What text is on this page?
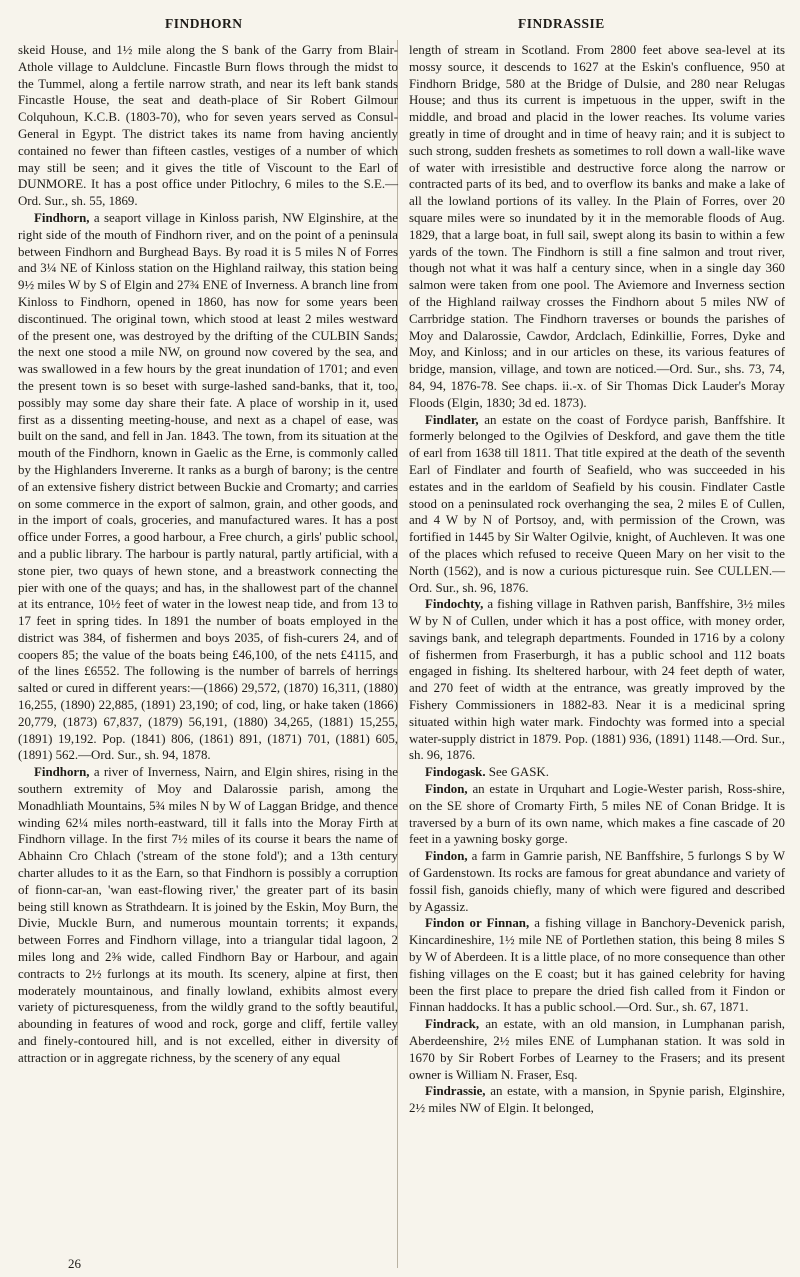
FINDHORN	FINDRASSIE

skeid House, and 1½ mile along the S bank of the Garry from Blair-Athole village to Auldclune. Fincastle Burn flows through the midst to the Tummel, along a fertile narrow strath, and near its left bank stands Fincastle House, the seat and death-place of Sir Robert Gilmour Colquhoun, K.C.B. (1803-70), who for seven years served as Consul-General in Egypt. The district takes its name from having anciently contained no fewer than fifteen castles, vestiges of a number of which may still be seen; and it gives the title of Viscount to the Earl of DUNMORE. It has a post office under Pitlochry, 6 miles to the S.E.—Ord. Sur., sh. 55, 1869.

Findhorn, a seaport village in Kinloss parish, NW Elginshire, at the right side of the mouth of Findhorn river, and on the point of a peninsula between Findhorn and Burghead Bays. By road it is 5 miles N of Forres and 3¼ NE of Kinloss station on the Highland railway, this station being 9½ miles W by S of Elgin and 27¾ ENE of Inverness. A branch line from Kinloss to Findhorn, opened in 1860, has now for some years been discontinued. The original town, which stood at least 2 miles westward of the present one, was destroyed by the drifting of the CULBIN Sands; the next one stood a mile NW, on ground now covered by the sea, and was swallowed in a few hours by the great inundation of 1701; and even the present town is so beset with surge-lashed sand-banks, that it, too, possibly may some day share their fate. A place of worship in it, used first as a dissenting meeting-house, and next as a chapel of ease, was built on the sand, and fell in Jan. 1843. The town, from its situation at the mouth of the Findhorn, known in Gaelic as the Erne, is commonly called by the Highlanders Inverernе. It ranks as a burgh of barony; is the centre of an extensive fishery district between Buckie and Cromarty; and carries on some commerce in the export of salmon, grain, and other goods, and in the import of coals, groceries, and manufactured wares. It has a post office under Forres, a good harbour, a Free church, a girls' public school, and a public library. The harbour is partly natural, partly artificial, with a stone pier, two quays of hewn stone, and a breastwork connecting the pier with one of the quays; and has, in the shallowest part of the channel at its entrance, 10½ feet of water in the lowest neap tide, and from 13 to 17 feet in spring tides. In 1891 the number of boats employed in the district was 384, of fishermen and boys 2035, of fish-curers 24, and of coopers 85; the value of the boats being £46,100, of the nets £4115, and of the lines £6552. The following is the number of barrels of herrings salted or cured in different years:—(1866) 29,572, (1870) 16,311, (1880) 16,255, (1890) 22,885, (1891) 23,190; of cod, ling, or hake taken (1866) 20,779, (1873) 67,837, (1879) 56,191, (1880) 34,265, (1881) 15,255, (1891) 19,192. Pop. (1841) 806, (1861) 891, (1871) 701, (1881) 605, (1891) 562.—Ord. Sur., sh. 94, 1878.

Findhorn, a river of Inverness, Nairn, and Elgin shires, rising in the southern extremity of Moy and Dalarossie parish, among the Monadhliath Mountains, 5¾ miles N by W of Laggan Bridge, and thence winding 62¼ miles north-eastward, till it falls into the Moray Firth at Findhorn village. In the first 7½ miles of its course it bears the name of Abhainn Cro Chlach ('stream of the stone fold'); and a 13th century charter alludes to it as the Earn, so that Findhorn is possibly a corruption of fionn-car-an, 'wan east-flowing river,' the greater part of its basin being still known as Strathdearn. It is joined by the Eskin, Moy Burn, the Divie, Muckle Burn, and numerous mountain torrents; it expands, between Forres and Findhorn village, into a triangular tidal lagoon, 2 miles long and 2⅜ wide, called Findhorn Bay or Harbour, and again contracts to 2½ furlongs at its mouth. Its scenery, alpine at first, then moderately mountainous, and finally lowland, exhibits almost every variety of picturesqueness, from the wildly grand to the softly beautiful, abounding in features of wood and rock, gorge and cliff, fertile valley and finely-contoured hill, and is not excelled, either in diversity of attraction or in aggregate richness, by the scenery of any equal

length of stream in Scotland. From 2800 feet above sea-level at its mossy source, it descends to 1627 at the Eskin's confluence, 950 at Findhorn Bridge, 580 at the Bridge of Dulsie, and 280 near Relugas House; and thus its current is impetuous in the upper, swift in the middle, and broad and placid in the lower reaches. Its volume varies greatly in time of drought and in time of heavy rain; and it is subject to such strong, sudden freshets as sometimes to roll down a wall-like wave of water with irresistible and destructive force along the narrow or contracted parts of its bed, and to overflow its banks and make a lake of all the lowland portions of its valley. In the Plain of Forres, over 20 square miles were so inundated by it in the memorable floods of Aug. 1829, that a large boat, in full sail, swept along its basin to within a few yards of the town. The Findhorn is still a fine salmon and trout river, though not what it was half a century since, when in a single day 360 salmon were taken from one pool. The Aviemore and Inverness section of the Highland railway crosses the Findhorn about 5 miles NW of Carrbridge station. The Findhorn traverses or bounds the parishes of Moy and Dalarossie, Cawdor, Ardclach, Edinkillie, Forres, Dyke and Moy, and Kinloss; and in our articles on these, its various features of bridge, mansion, village, and town are noticed.—Ord. Sur., shs. 73, 74, 84, 94, 1876-78. See chaps. ii.-x. of Sir Thomas Dick Lauder's Moray Floods (Elgin, 1830; 3d ed. 1873).

Findlater, an estate on the coast of Fordyce parish, Banffshire. It formerly belonged to the Ogilvies of Deskford, and gave them the title of earl from 1638 till 1811. That title expired at the death of the seventh Earl of Findlater and fourth of Seafield, who was succeeded in his estates and in the earldom of Seafield by his cousin. Findlater Castle stood on a peninsulated rock overhanging the sea, 2 miles E of Cullen, and 4 W by N of Portsoy, and, with permission of the Crown, was fortified in 1445 by Sir Walter Ogilvie, knight, of Auchleven. It was one of the places which refused to receive Queen Mary on her visit to the North (1562), and is now a curious picturesque ruin. See CULLEN.—Ord. Sur., sh. 96, 1876.

Findochty, a fishing village in Rathven parish, Banffshire, 3½ miles W by N of Cullen, under which it has a post office, with money order, savings bank, and telegraph departments. Founded in 1716 by a colony of fishermen from Fraserburgh, it has a public school and 112 boats engaged in fishing. Its sheltered harbour, with 24 feet depth of water, and 270 feet of width at the entrance, was greatly improved by the Fishery Commissioners in 1882-83. Near it is a medicinal spring situated within high water mark. Findochty was formed into a special water-supply district in 1879. Pop. (1881) 936, (1891) 1148.—Ord. Sur., sh. 96, 1876.

Findogask. See GASK.

Findon, an estate in Urquhart and Logie-Wester parish, Ross-shire, on the SE shore of Cromarty Firth, 5 miles NE of Conan Bridge. It is traversed by a burn of its own name, which makes a fine cascade of 20 feet in a yawning bosky gorge.

Findon, a farm in Gamrie parish, NE Banffshire, 5 furlongs S by W of Gardenstown. Its rocks are famous for great abundance and variety of fossil fish, ganoids chiefly, many of which were figured and described by Agassiz.

Findon or Finnan, a fishing village in Banchory-Devenick parish, Kincardineshire, 1½ mile NE of Portlethen station, this being 8 miles S by W of Aberdeen. It is a little place, of no more consequence than other fishing villages on the E coast; but it has gained celebrity for having been the first place to prepare the dried fish called from it Findon or Finnan haddocks. It has a public school.—Ord. Sur., sh. 67, 1871.

Findrack, an estate, with an old mansion, in Lumphanan parish, Aberdeenshire, 2½ miles ENE of Lumphanan station. It was sold in 1670 by Sir Robert Forbes of Learney to the Frasers; and its present owner is William N. Fraser, Esq.

Findrassie, an estate, with a mansion, in Spynie parish, Elginshire, 2½ miles NW of Elgin. It belonged,

26
